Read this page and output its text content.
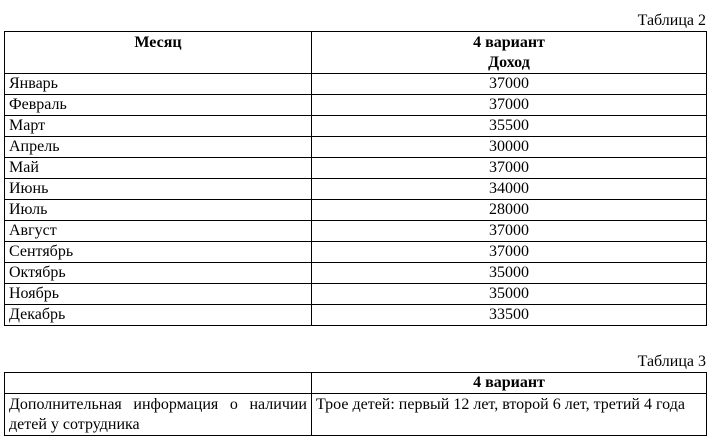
Таблица 2
Месяц	4 вариант
Доход

Январь	37000
Февраль	37000
Март	35500
Апрель	30000
Май	37000
Июнь	34000
Июль	28000
Август	37000
Сентябрь	37000
Октябрь	35000
Ноябрь	35000
Декабрь	33500
Таблица 3
	4 вариант
Дополнительная информация о наличии детей у сотрудника	Трое детей: первый 12 лет, второй 6 лет, третий 4 года
